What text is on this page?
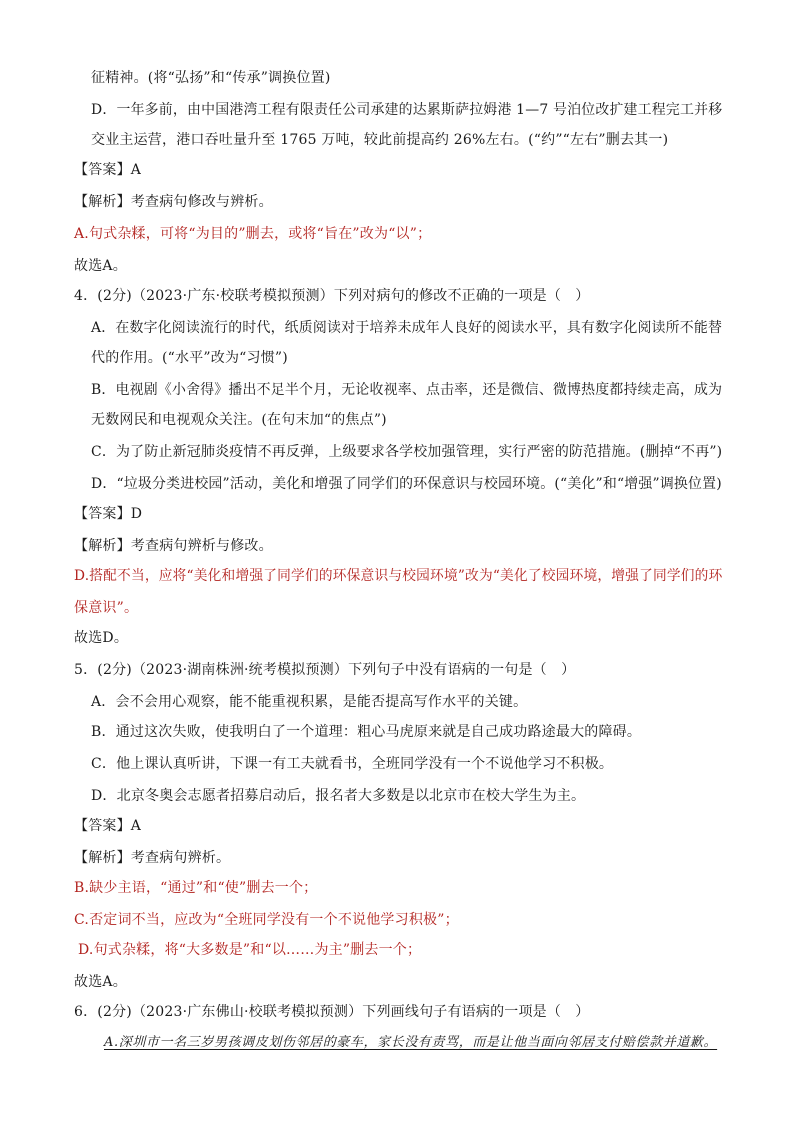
征精神。(将“弘扬”和“传承”调换位置)
D．一年多前，由中国港湾工程有限责任公司承建的达累斯萨拉姆港 1—7 号泊位改扩建工程完工并移
交业主运营，港口吞吐量升至 1765 万吨，较此前提高约 26%左右。(“约”“左右”删去其一)
【答案】A
【解析】考查病句修改与辨析。
A.句式杂糅，可将“为目的”删去，或将“旨在”改为“以”；
故选A。
4．(2分)（2023·广东·校联考模拟预测）下列对病句的修改不正确的一项是（　）
A．在数字化阅读流行的时代，纸质阅读对于培养未成年人良好的阅读水平，具有数字化阅读所不能替
代的作用。(“水平”改为“习惯”)
B．电视剧《小舍得》播出不足半个月，无论收视率、点击率，还是微信、微博热度都持续走高，成为
无数网民和电视观众关注。(在句末加“的焦点”)
C．为了防止新冠肺炎疫情不再反弹，上级要求各学校加强管理，实行严密的防范措施。(删掉“不再”)
D．“垃圾分类进校园”活动，美化和增强了同学们的环保意识与校园环境。(“美化”和“增强”调换位置)
【答案】D
【解析】考查病句辨析与修改。
D.搭配不当，应将“美化和增强了同学们的环保意识与校园环境”改为“美化了校园环境，增强了同学们的环
保意识”。
故选D。
5．(2分)（2023·湖南株洲·统考模拟预测）下列句子中没有语病的一句是（　）
A．会不会用心观察，能不能重视积累，是能否提高写作水平的关键。
B．通过这次失败，使我明白了一个道理：粗心马虎原来就是自己成功路途最大的障碍。
C．他上课认真听讲，下课一有工夫就看书，全班同学没有一个不说他学习不积极。
D．北京冬奥会志愿者招募启动后，报名者大多数是以北京市在校大学生为主。
【答案】A
【解析】考查病句辨析。
B.缺少主语，“通过”和“使”删去一个；
C.否定词不当，应改为“全班同学没有一个不说他学习积极”；
D.句式杂糅，将“大多数是”和“以……为主”删去一个；
故选A。
6．(2分)（2023·广东佛山·校联考模拟预测）下列画线句子有语病的一项是（　）
A.深圳市一名三岁男孩调皮划伤邻居的豪车，家长没有责骂，而是让他当面向邻居支付赔偿款并道歉。
